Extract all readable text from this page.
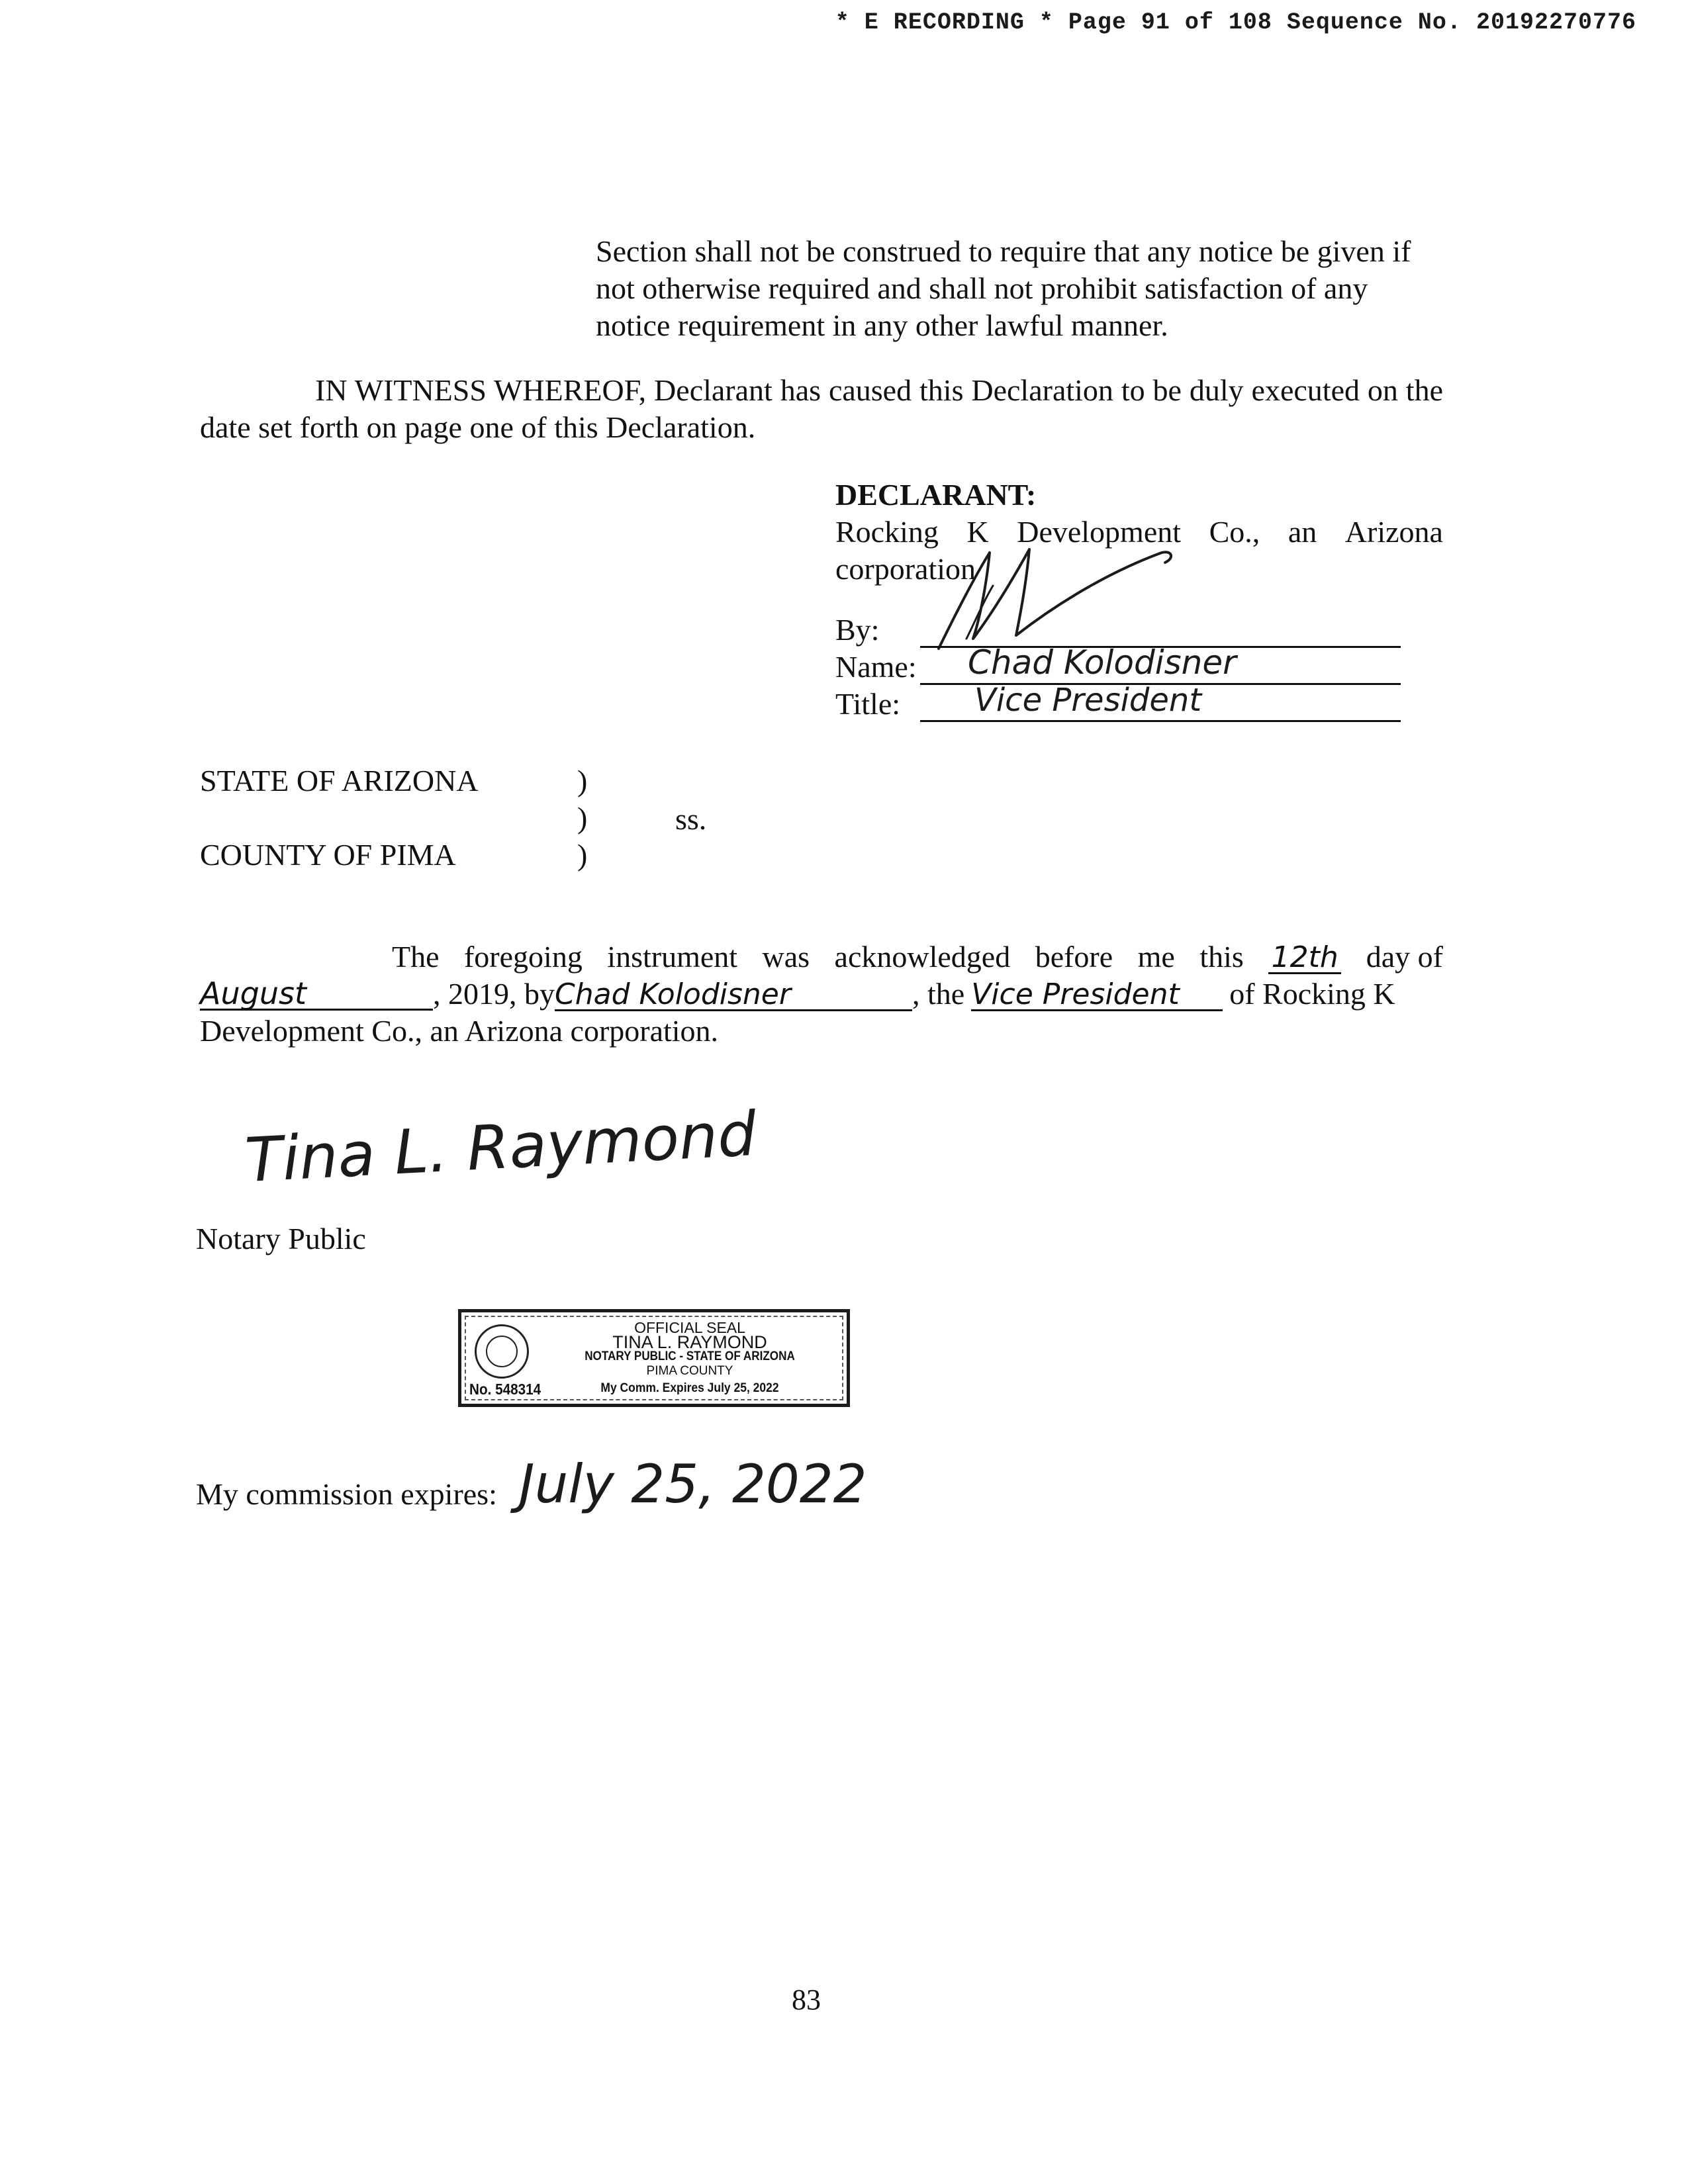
* E RECORDING * Page 91 of 108 Sequence No. 20192270776
Section shall not be construed to require that any notice be given if not otherwise required and shall not prohibit satisfaction of any notice requirement in any other lawful manner.
IN WITNESS WHEREOF, Declarant has caused this Declaration to be duly executed on the date set forth on page one of this Declaration.
DECLARANT:
Rocking K Development Co., an Arizona
corporation
By:
Name: Chad Kolodisner
Title: Vice President
STATE OF ARIZONA	)
)	ss.
COUNTY OF PIMA	)
The foregoing instrument was acknowledged before me this 12th day of
August	, 2019, by Chad Kolodisner	, the Vice President	of Rocking K
Development Co., an Arizona corporation.
Tina L. Raymond
Notary Public
OFFICIAL SEAL
TINA L. RAYMOND
NOTARY PUBLIC - STATE OF ARIZONA
PIMA COUNTY
My Comm. Expires July 25, 2022
No. 548314
My commission expires: July 25, 2022
83
